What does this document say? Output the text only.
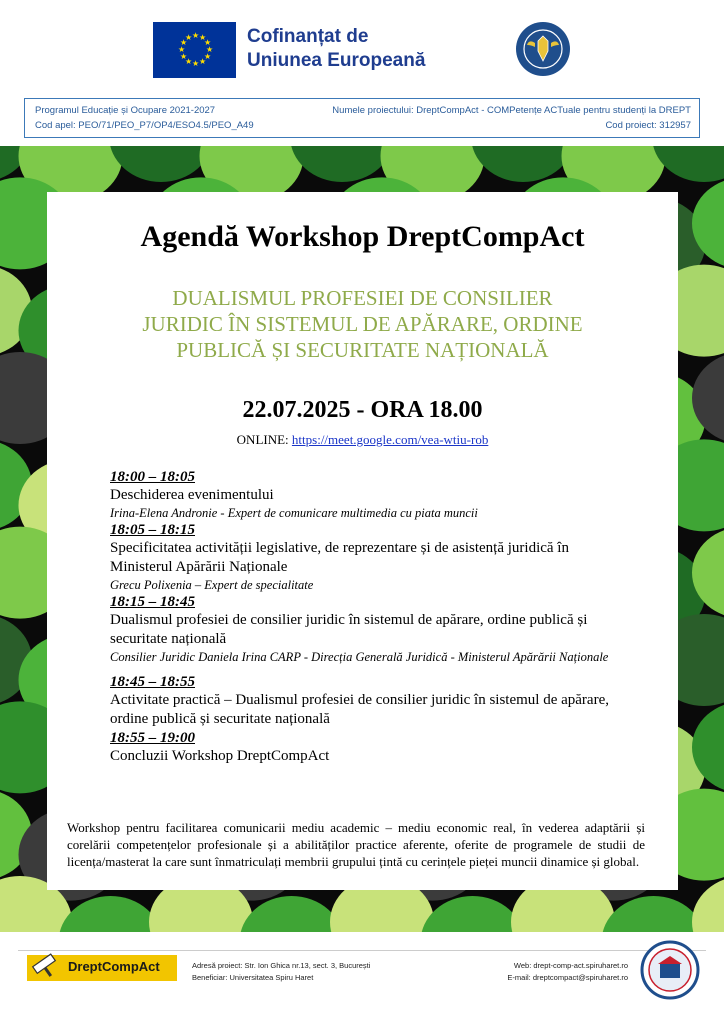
★ ★
★
★
★
★
★
★
★
★
★
★	Cofinanțat de
Uniunea Europeană
Programul Educație și Ocupare 2021-2027
Cod apel: PEO/71/PEO_P7/OP4/ESO4.5/PEO_A49
Numele proiectului: DreptCompAct - COMPetențe ACTuale pentru studenți la DREPT
Cod proiect: 312957
Agendă Workshop DreptCompAct
DUALISMUL PROFESIEI DE CONSILIER JURIDIC ÎN SISTEMUL DE APĂRARE, ORDINE PUBLICĂ ȘI SECURITATE NAȚIONALĂ
22.07.2025 - ORA 18.00
ONLINE: https://meet.google.com/vea-wtiu-rob
18:00 – 18:05
Deschiderea evenimentului
Irina-Elena Andronie - Expert de comunicare multimedia cu piata muncii
18:05 – 18:15
Specificitatea activității legislative, de reprezentare și de asistență juridică în Ministerul Apărării Naționale
Grecu Polixenia – Expert de specialitate
18:15 – 18:45
Dualismul profesiei de consilier juridic în sistemul de apărare, ordine publică și securitate națională
Consilier Juridic Daniela Irina CARP - Direcția Generală Juridică - Ministerul Apărării Naționale
18:45 – 18:55
Activitate practică – Dualismul profesiei de consilier juridic în sistemul de apărare, ordine publică și securitate națională
18:55 – 19:00
Concluzii Workshop DreptCompAct
Workshop pentru facilitarea comunicarii mediu academic – mediu economic real, în vederea adaptării și corelării competențelor profesionale și a abilităților practice aferente, oferite de programele de studii de licența/masterat la care sunt înmatriculați membrii grupului țintă cu cerințele pieței muncii dinamice și global.
DreptCompAct	Adresă proiect: Str. Ion Ghica nr.13, sect. 3, București
Beneficiar: Universitatea Spiru Haret
Web: drept-comp-act.spiruharet.ro
E-mail: dreptcompact@spiruharet.ro
